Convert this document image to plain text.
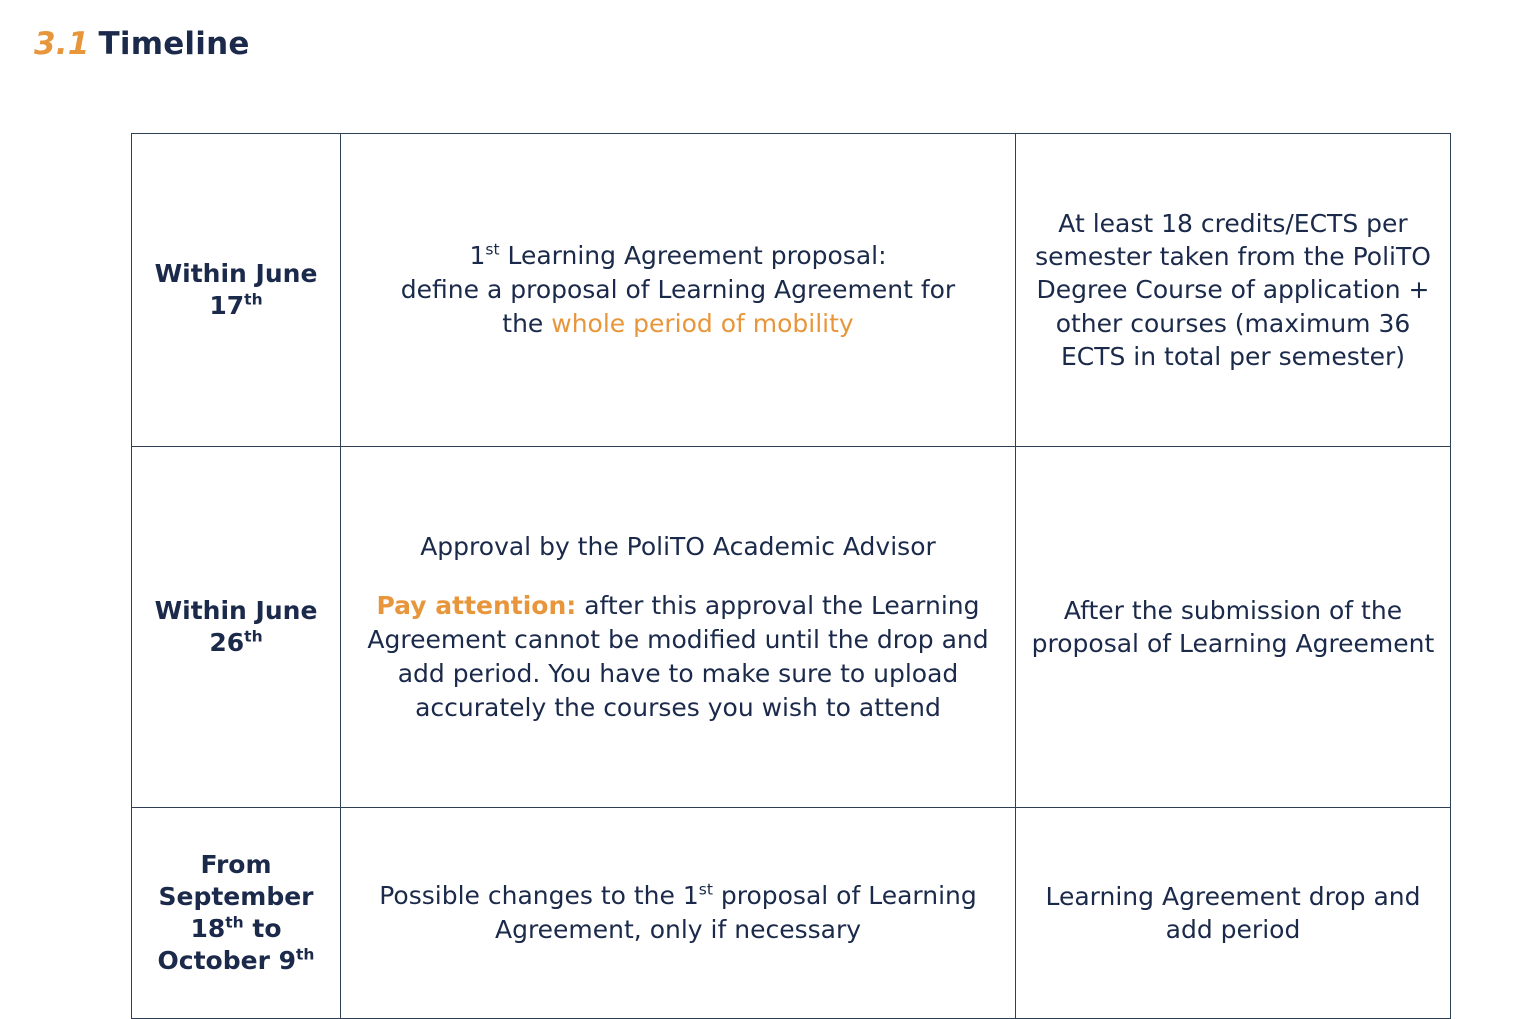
3.1 Timeline
Within June
17th	1st Learning Agreement proposal:
define a proposal of Learning Agreement for
the whole period of mobility	At least 18 credits/ECTS per semester taken from the PoliTO Degree Course of application + other courses (maximum 36 ECTS in total per semester)

Within June
26th	Approval by the PoliTO Academic Advisor
Pay attention: after this approval the Learning Agreement cannot be modified until the drop and add period. You have to make sure to upload accurately the courses you wish to attend	After the submission of the proposal of Learning Agreement

From
September
18th to
October 9th	Possible changes to the 1st proposal of Learning Agreement, only if necessary	Learning Agreement drop and add period
